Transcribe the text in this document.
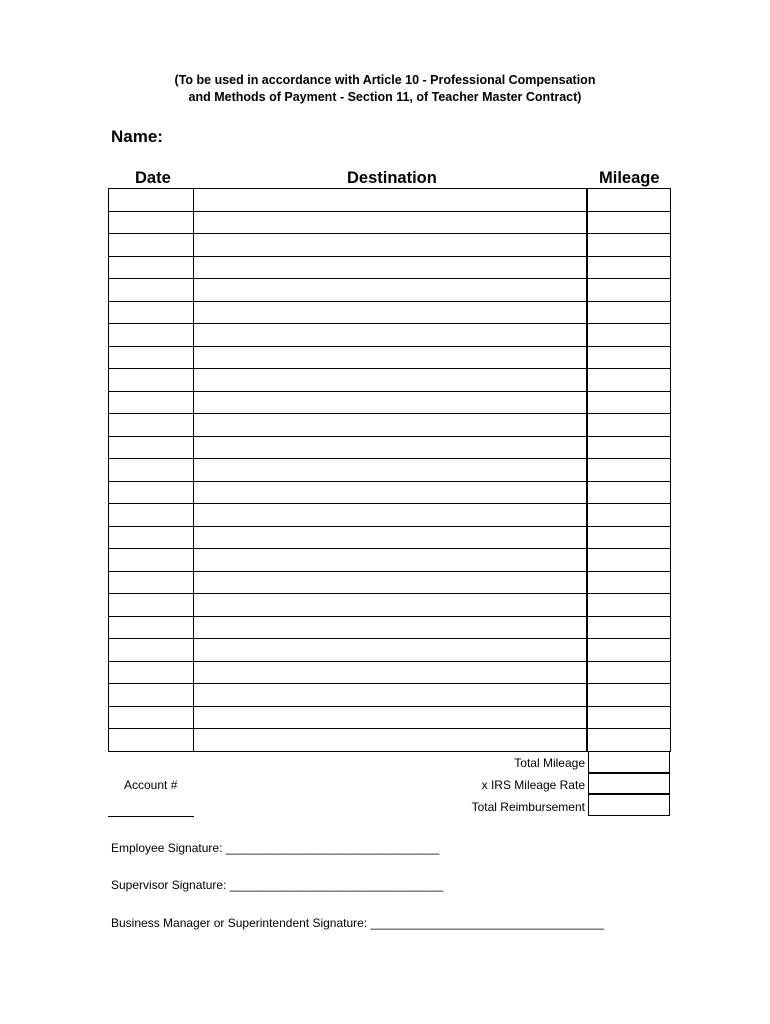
(To be used in accordance with Article 10 - Professional Compensation
and Methods of Payment - Section 11, of Teacher Master Contract)
Name:
Date	Destination	Mileage
Total Mileage
x IRS Mileage Rate
Total Reimbursement
Account #
Employee Signature: ________________________________
Supervisor Signature: ________________________________
Business Manager or Superintendent Signature: ___________________________________
